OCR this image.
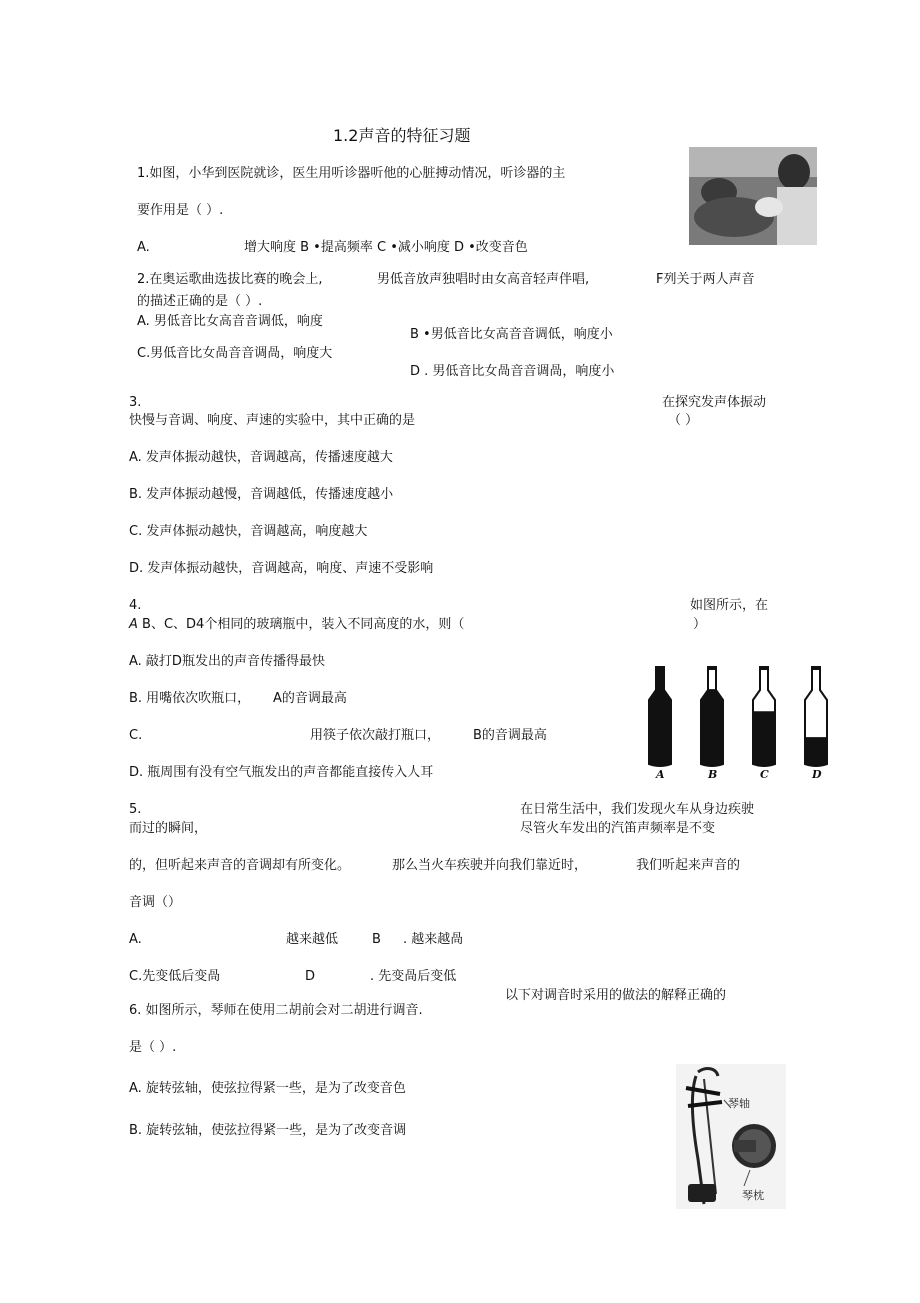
1.2声音的特征习题
1.如图，小华到医院就诊，医生用听诊器听他的心脏搏动情况，听诊器的主
要作用是（ ）.
A.	增大响度 B •提高频率 C •减小响度 D •改变音色
2.在奥运歌曲选拔比赛的晚会上,	男低音放声独唱时由女高音轻声伴唱,	F列关于两人声音
的描述正确的是（ ）.
A. 男低音比女高音音调低，响度
B •男低音比女高音音调低，响度小
C.男低音比女咼音音调咼，响度大
D . 男低音比女咼音音调咼，响度小
3.	在探究发声体振动
快慢与音调、响度、声速的实验中，其中正确的是	（ ）
A. 发声体振动越快，音调越高，传播速度越大
B. 发声体振动越慢，音调越低，传播速度越小
C. 发声体振动越快，音调越高，响度越大
D. 发声体振动越快，音调越高，响度、声速不受影响
4.	如图所示，在
A B、C、D4个相同的玻璃瓶中，装入不同高度的水，则（	）
A. 敲打D瓶发出的声音传播得最快
B. 用嘴依次吹瓶口， A的音调最高
C.	用筷子依次敲打瓶口，	B的音调最高
D. 瓶周围有没有空气瓶发出的声音都能直接传入人耳	A	B	C	D
5.	在日常生活中，我们发现火车从身边疾驶
而过的瞬间，	尽管火车发出的汽笛声频率是不变
的，但听起来声音的音调却有所变化。	那么当火车疾驶并向我们靠近时，	我们听起来声音的
音调（）
A.	越来越低	B . 越来越咼
C.先变低后变咼	D	. 先变咼后变低
6. 如图所示，琴师在使用二胡前会对二胡进行调音.
以下对调音时采用的做法的解释正确的
是（ ）.
A. 旋转弦轴，使弦拉得紧一些，是为了改变音色
B. 旋转弦轴，使弦拉得紧一些，是为了改变音调
琴轴
琴枕
